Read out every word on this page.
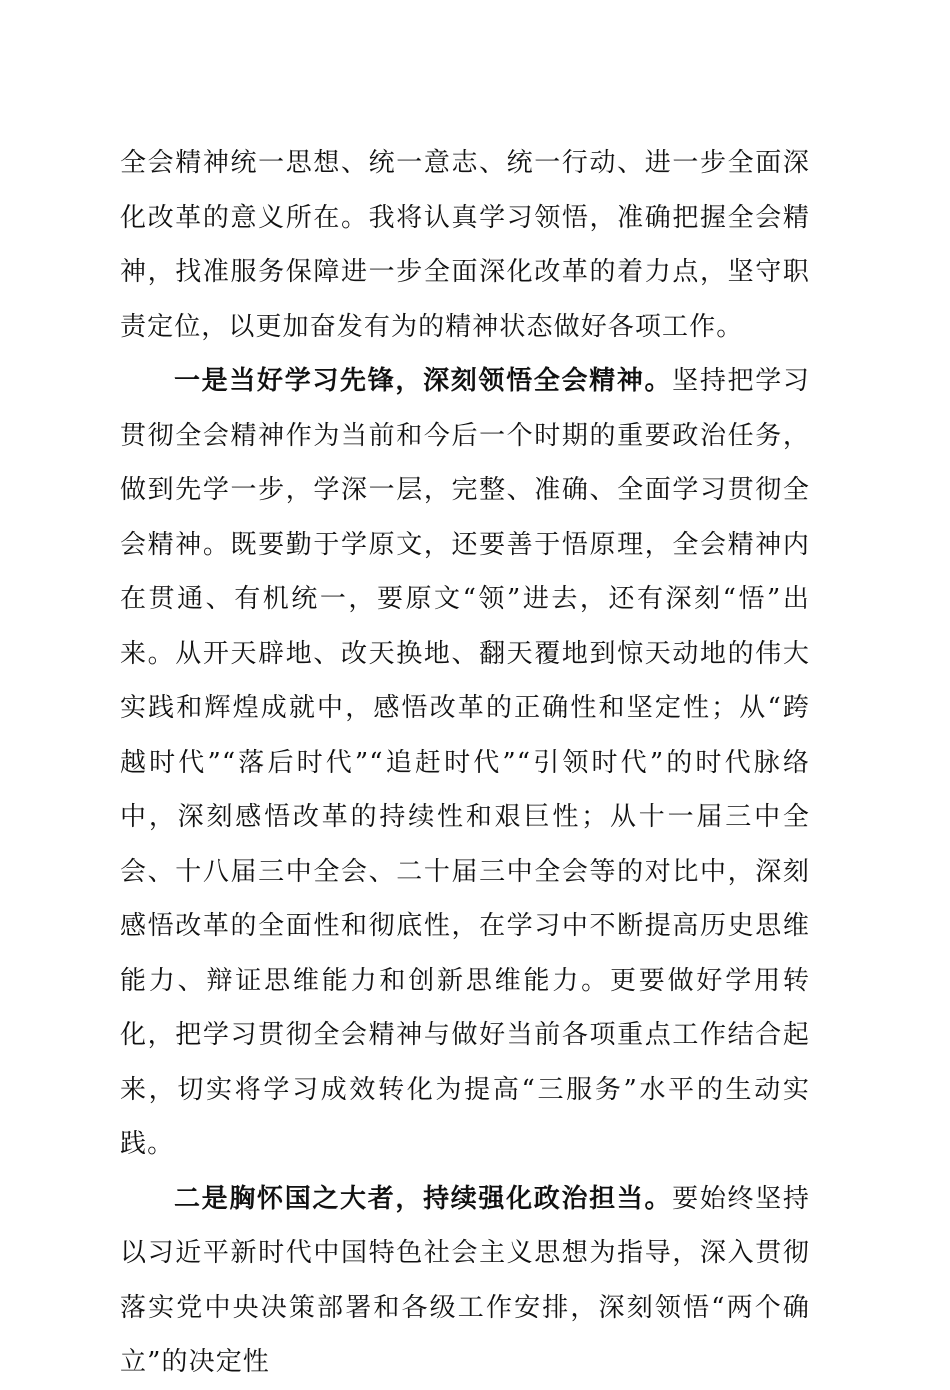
全会精神统一思想、统一意志、统一行动、进一步全面深化改革的意义所在。我将认真学习领悟，准确把握全会精神，找准服务保障进一步全面深化改革的着力点，坚守职责定位，以更加奋发有为的精神状态做好各项工作。

一是当好学习先锋，深刻领悟全会精神。坚持把学习贯彻全会精神作为当前和今后一个时期的重要政治任务，做到先学一步，学深一层，完整、准确、全面学习贯彻全会精神。既要勤于学原文，还要善于悟原理，全会精神内在贯通、有机统一，要原文“领”进去，还有深刻“悟”出来。从开天辟地、改天换地、翻天覆地到惊天动地的伟大实践和辉煌成就中，感悟改革的正确性和坚定性；从“跨越时代”“落后时代”“追赶时代”“引领时代”的时代脉络中，深刻感悟改革的持续性和艰巨性；从十一届三中全会、十八届三中全会、二十届三中全会等的对比中，深刻感悟改革的全面性和彻底性，在学习中不断提高历史思维能力、辩证思维能力和创新思维能力。更要做好学用转化，把学习贯彻全会精神与做好当前各项重点工作结合起来，切实将学习成效转化为提高“三服务”水平的生动实践。

二是胸怀国之大者，持续强化政治担当。要始终坚持以习近平新时代中国特色社会主义思想为指导，深入贯彻落实党中央决策部署和各级工作安排，深刻领悟“两个确立”的决定性
